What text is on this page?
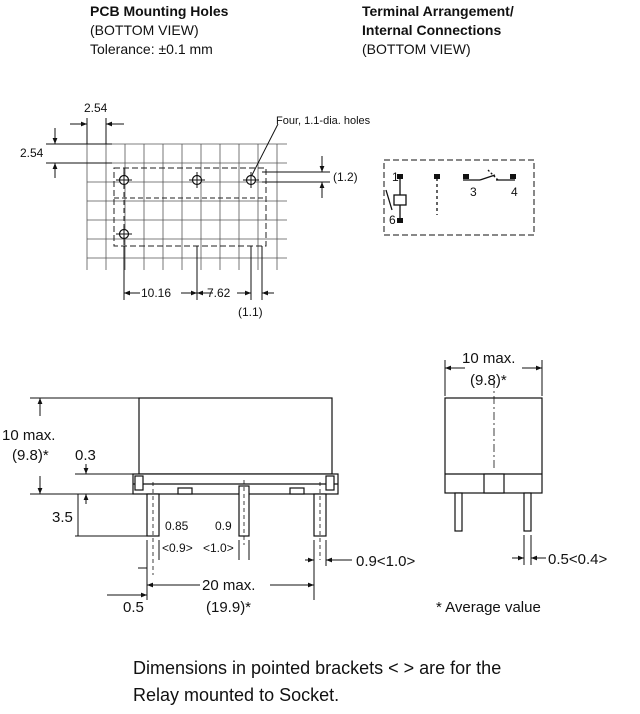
PCB Mounting Holes
(BOTTOM VIEW)
Tolerance: ±0.1 mm
Terminal Arrangement/
Internal Connections
(BOTTOM VIEW)
2.54
2.54
Four, 1.1-dia. holes
(1.2)
10.16	7.62
(1.1)
1
6
3	4
10 max.
(9.8)* 0.3
3.5	0.85
<0.9>
0.9
<1.0>
0.9<1.0>
20 max.
(19.9)*
0.5
10 max.
(9.8)*
0.5<0.4>
* Average value
Dimensions in pointed brackets < > are for the
Relay mounted to Socket.
